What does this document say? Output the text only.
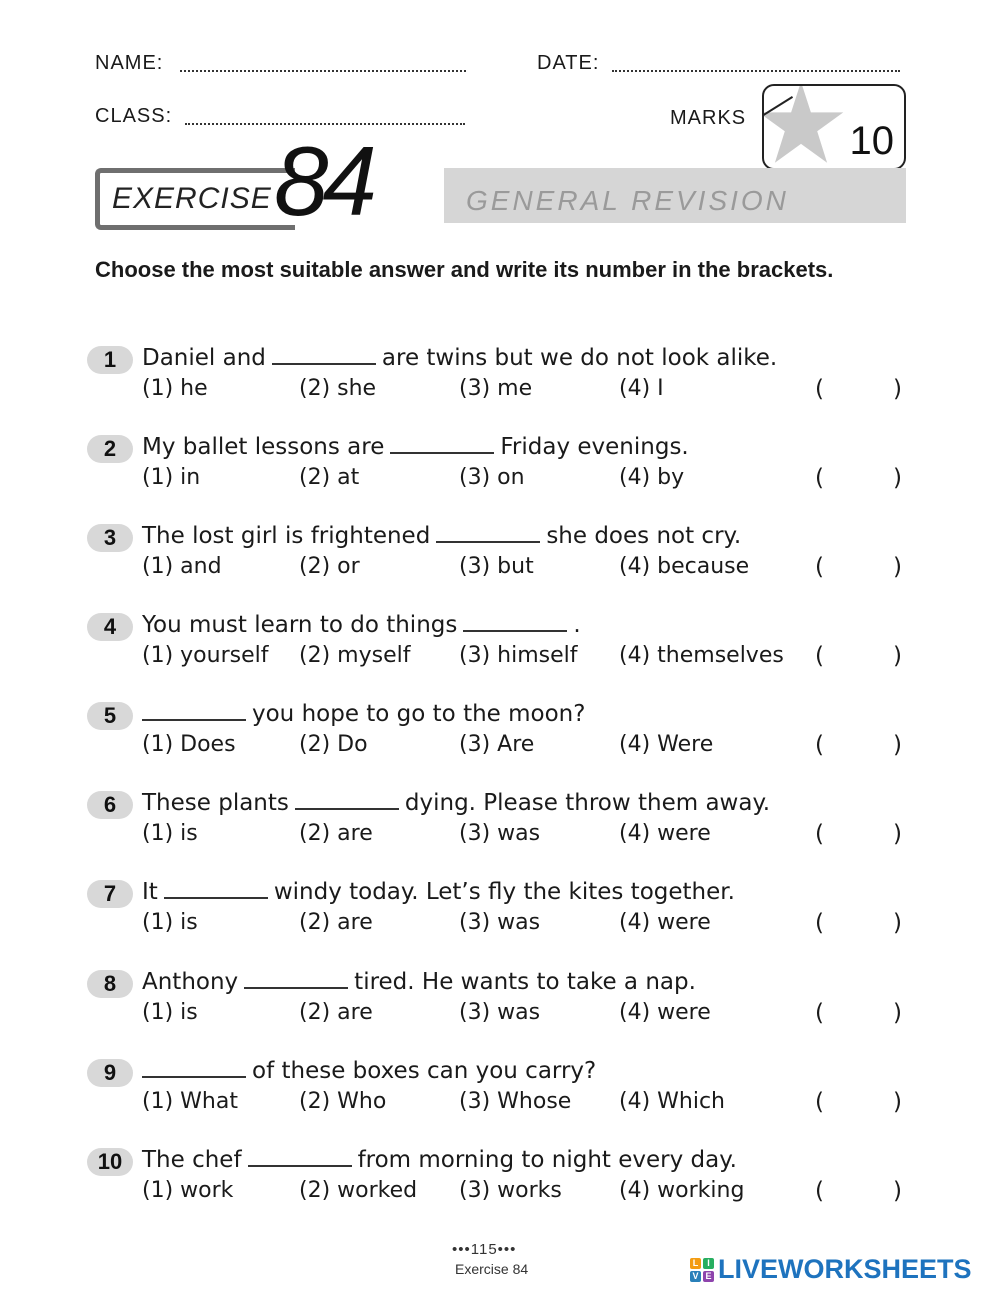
NAME:	DATE:
CLASS:	MARKS
10
EXERCISE 84	GENERAL REVISION
Choose the most suitable answer and write its number in the brackets.
1	Daniel and	are twins but we do not look alike.
(1) he	(2) she	(3) me	(4) I	(	)
2	My ballet lessons are	Friday evenings.
(1) in	(2) at	(3) on	(4) by	(	)
3	The lost girl is frightened	she does not cry.
(1) and	(2) or	(3) but	(4) because	(	)
4	You must learn to do things	.
(1) yourself (2) myself (3) himself (4) themselves (	)
5	you hope to go to the moon?
(1) Does	(2) Do	(3) Are	(4) Were	(	)
6	These plants	dying. Please throw them away.
(1) is	(2) are	(3) was	(4) were	(	)
7	It	windy today. Let’s fly the kites together.
(1) is	(2) are	(3) was	(4) were	(	)
8	Anthony	tired. He wants to take a nap.
(1) is	(2) are	(3) was	(4) were	(	)
9	of these boxes can you carry?
(1) What	(2) Who	(3) Whose (4) Which	(	)
10 The chef	from morning to night every day.
(1) work	(2) worked (3) works	(4) working	(	)
•••115•••
Exercise 84	L I
V E LIVEWORKSHEETS
